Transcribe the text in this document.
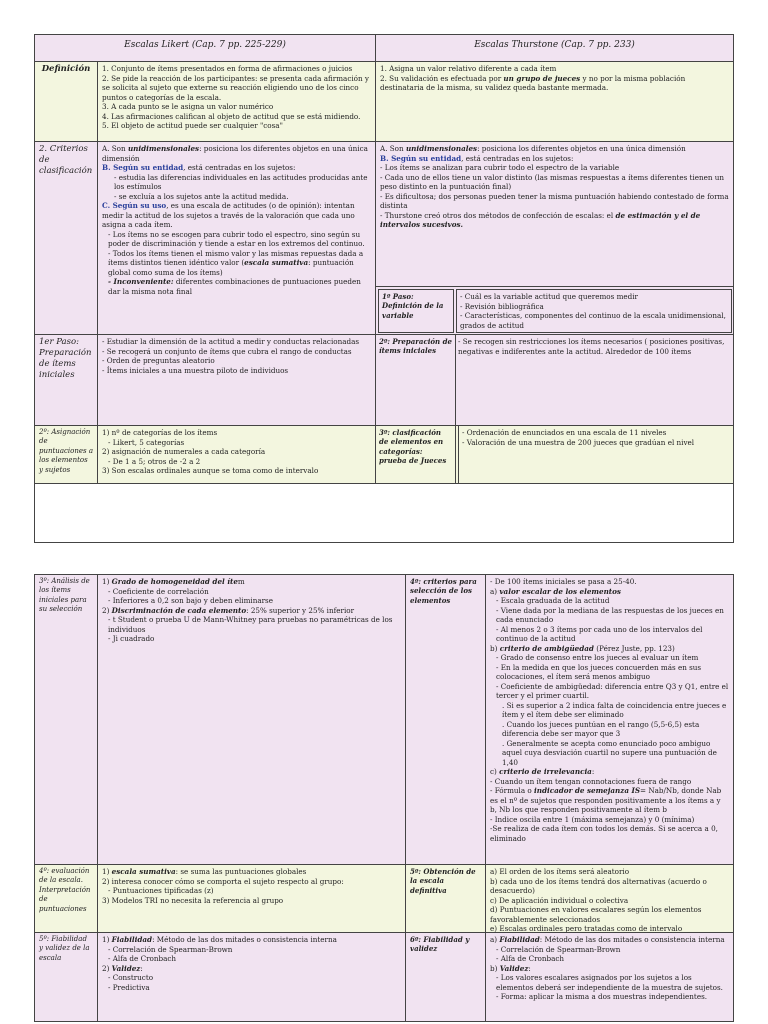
Escalas Likert (Cap. 7 pp. 225-229)	Escalas Thurstone (Cap. 7 pp. 233)
Definición	1. Conjunto de ítems presentados en forma de afirmaciones o juicios
2. Se pide la reacción de los participantes: se presenta cada afirmación y se solicita al sujeto que externe su reacción eligiendo uno de los cinco puntos o categorías de la escala.
3. A cada punto se le asigna un valor numérico
4. Las afirmaciones califican al objeto de actitud que se está midiendo.
5. El objeto de actitud puede ser cualquier "cosa"
1. Asigna un valor relativo diferente a cada ítem
2. Su validación es efectuada por un grupo de jueces y no por la misma población destinataria de la misma, su validez queda bastante mermada.
2. Criterios de clasificación
A. Son unidimensionales: posiciona los diferentes objetos en una única dimensión
B. Según su entidad, está centradas en los sujetos:
- estudia las diferencias individuales en las actitudes producidas ante los estímulos
- se excluía a los sujetos ante la actitud medida.
C. Según su uso, es una escala de actitudes (o de opinión): intentan medir la actitud de los sujetos a través de la valoración que cada uno asigna a cada ítem.
- Los ítems no se escogen para cubrir todo el espectro, sino según su poder de discriminación y tiende a estar en los extremos del continuo.
- Todos los ítems tienen el mismo valor y las mismas repuestas dada a ítems distintos tienen idéntico valor (escala sumativa: puntuación global como suma de los ítems)
- Inconveniente: diferentes combinaciones de puntuaciones pueden dar la misma nota final
A. Son unidimensionales: posiciona los diferentes objetos en una única dimensión
B. Según su entidad, está centradas en los sujetos:
- Los ítems se analizan para cubrir todo el espectro de la variable
- Cada uno de ellos tiene un valor distinto (las mismas respuestas a ítems diferentes tienen un peso distinto en la puntuación final)
- Es dificultosa; dos personas pueden tener la misma puntuación habiendo contestado de forma distinta
- Thurstone creó otros dos métodos de confección de escalas: el de estimación y el de intervalos sucesivos.
1º Paso: Definición de la variable
- Cuál es la variable actitud que queremos medir
- Revisión bibliográfica
- Características, componentes del continuo de la escala unidimensional, grados de actitud
1er Paso: Preparación de ítems iniciales
- Estudiar la dimensión de la actitud a medir y conductas relacionadas
- Se recogerá un conjunto de ítems que cubra el rango de conductas
- Orden de preguntas aleatorio
- Ítems iniciales a una muestra piloto de individuos
2º: Preparación de ítems iniciales
- Se recogen sin restricciones los ítems necesarios ( posiciones positivas, negativas e indiferentes ante la actitud. Alrededor de 100 ítems
2º: Asignación de puntuaciones a los elementos y sujetos
1) nº de categorías de los ítems
- Likert, 5 categorías
2) asignación de numerales a cada categoría
- De 1 a 5; otros de -2 a 2
3) Son escalas ordinales aunque se toma como de intervalo
3º: clasificación de elementos en categorías: prueba de Jueces
- Ordenación de enunciados en una escala de 11 niveles
- Valoración de una muestra de 200 jueces que gradúan el nivel
3º: Análisis de los ítems iniciales para su selección
1) Grado de homogeneidad del ítem
- Coeficiente de correlación
- Inferiores a 0,2 son bajo y deben eliminarse
2) Discriminación de cada elemento: 25% superior y 25% inferior
- t Student o prueba U de Mann-Whitney para pruebas no paramétricas de los individuos
- Ji cuadrado
4º: criterios para selección de los elementos
- De 100 ítems iniciales se pasa a 25-40.
a) valor escalar de los elementos
- Escala graduada de la actitud
- Viene dada por la mediana de las respuestas de los jueces en cada enunciado
- Al menos 2 o 3 ítems por cada uno de los intervalos del continuo de la actitud
b) criterio de ambigüedad (Pérez Juste, pp. 123)
- Grado de consenso entre los jueces al evaluar un ítem
- En la medida en que los jueces concuerden más en sus colocaciones, el ítem será menos ambiguo
- Coeficiente de ambigüedad: diferencia entre Q3 y Q1, entre el tercer y el primer cuartil.
. Si es superior a 2 indica falta de coincidencia entre jueces e ítem y el ítem debe ser eliminado
. Cuando los jueces puntúan en el rango (5,5-6,5) esta diferencia debe ser mayor que 3
. Generalmente se acepta como enunciado poco ambiguo aquel cuya desviación cuartil no supere una puntuación de 1,40
c) criterio de irrelevancia:
- Cuando un ítem tengan connotaciones fuera de rango
- Fórmula o indicador de semejanza IS= Nab/Nb, donde Nab es el nº de sujetos que responden positivamente a los ítems a y b, Nb los que responden positivamente al ítem b
- Indice oscila entre 1 (máxima semejanza) y 0 (mínima)
-Se realiza de cada ítem con todos los demás. Si se acerca a 0, eliminado
4º: evaluación de la escala. Interpretación de puntuaciones
1) escala sumativa: se suma las puntuaciones globales
2) interesa conocer cómo se comporta el sujeto respecto al grupo:
- Puntuaciones tipificadas (z)
3) Modelos TRI no necesita la referencia al grupo
5º: Obtención de la escala definitiva
a) El orden de los ítems será aleatorio
b) cada uno de los ítems tendrá dos alternativas (acuerdo o desacuerdo)
c) De aplicación individual o colectiva
d) Puntuaciones en valores escalares según los elementos favorablemente seleccionados
e) Escalas ordinales pero tratadas como de intervalo
5º: Fiabilidad y validez de la escala
1) Fiabilidad: Método de las dos mitades o consistencia interna
- Correlación de Spearman-Brown
- Alfa de Cronbach
2) Validez:
- Constructo
- Predictiva
6º: Fiabilidad y validez
a) Fiabilidad: Método de las dos mitades o consistencia interna
- Correlación de Spearman-Brown
- Alfa de Cronbach
b) Validez:
- Los valores escalares asignados por los sujetos a los elementos deberá ser independiente de la muestra de sujetos.
- Forma: aplicar la misma a dos muestras independientes.
